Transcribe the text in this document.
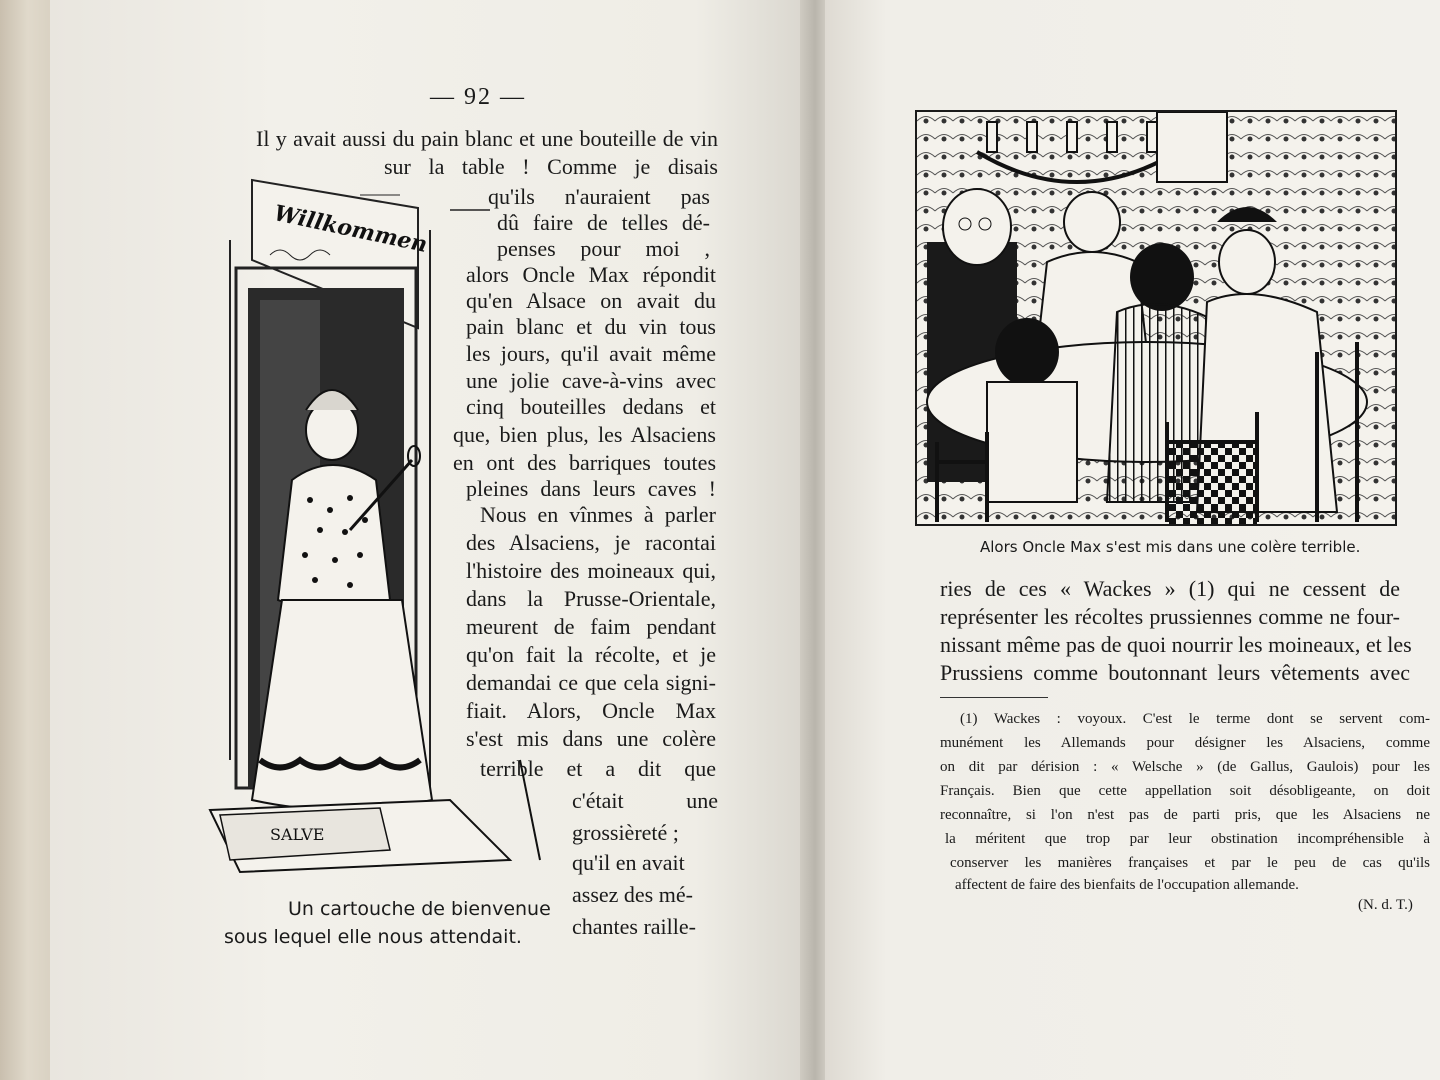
— 92 —
Il y avait aussi du pain blanc et une bouteille de vin
sur la table ! Comme je disais
qu'ils n'auraient pas
dû faire de telles dé-
penses pour moi ,
alors Oncle Max répondit
qu'en Alsace on avait du
pain blanc et du vin tous
les jours, qu'il avait même
une jolie cave-à-vins avec
cinq bouteilles dedans et
que, bien plus, les Alsaciens
en ont des barriques toutes
pleines dans leurs caves !
Nous en vînmes à parler
des Alsaciens, je racontai
l'histoire des moineaux qui,
dans la Prusse-Orientale,
meurent de faim pendant
qu'on fait la récolte, et je
demandai ce que cela signi-
fiait. Alors, Oncle Max
s'est mis dans une colère
terrible et a dit que
c'était une
grossièreté ;
qu'il en avait
assez des mé-
chantes raille-
Willkommen
SALVE
Un cartouche de bienvenue
sous lequel elle nous attendait.
Alors Oncle Max s'est mis dans une colère terrible.
ries de ces « Wackes » (1) qui ne cessent de
représenter les récoltes prussiennes comme ne four-
nissant même pas de quoi nourrir les moineaux, et les
Prussiens comme boutonnant leurs vêtements avec
(1) Wackes : voyoux. C'est le terme dont se servent com-
munément les Allemands pour désigner les Alsaciens, comme
on dit par dérision : « Welsche » (de Gallus, Gaulois) pour les
Français. Bien que cette appellation soit désobligeante, on doit
reconnaître, si l'on n'est pas de parti pris, que les Alsaciens ne
la méritent que trop par leur obstination incompréhensible à
conserver les manières françaises et par le peu de cas qu'ils
affectent de faire des bienfaits de l'occupation allemande.
(N. d. T.)
